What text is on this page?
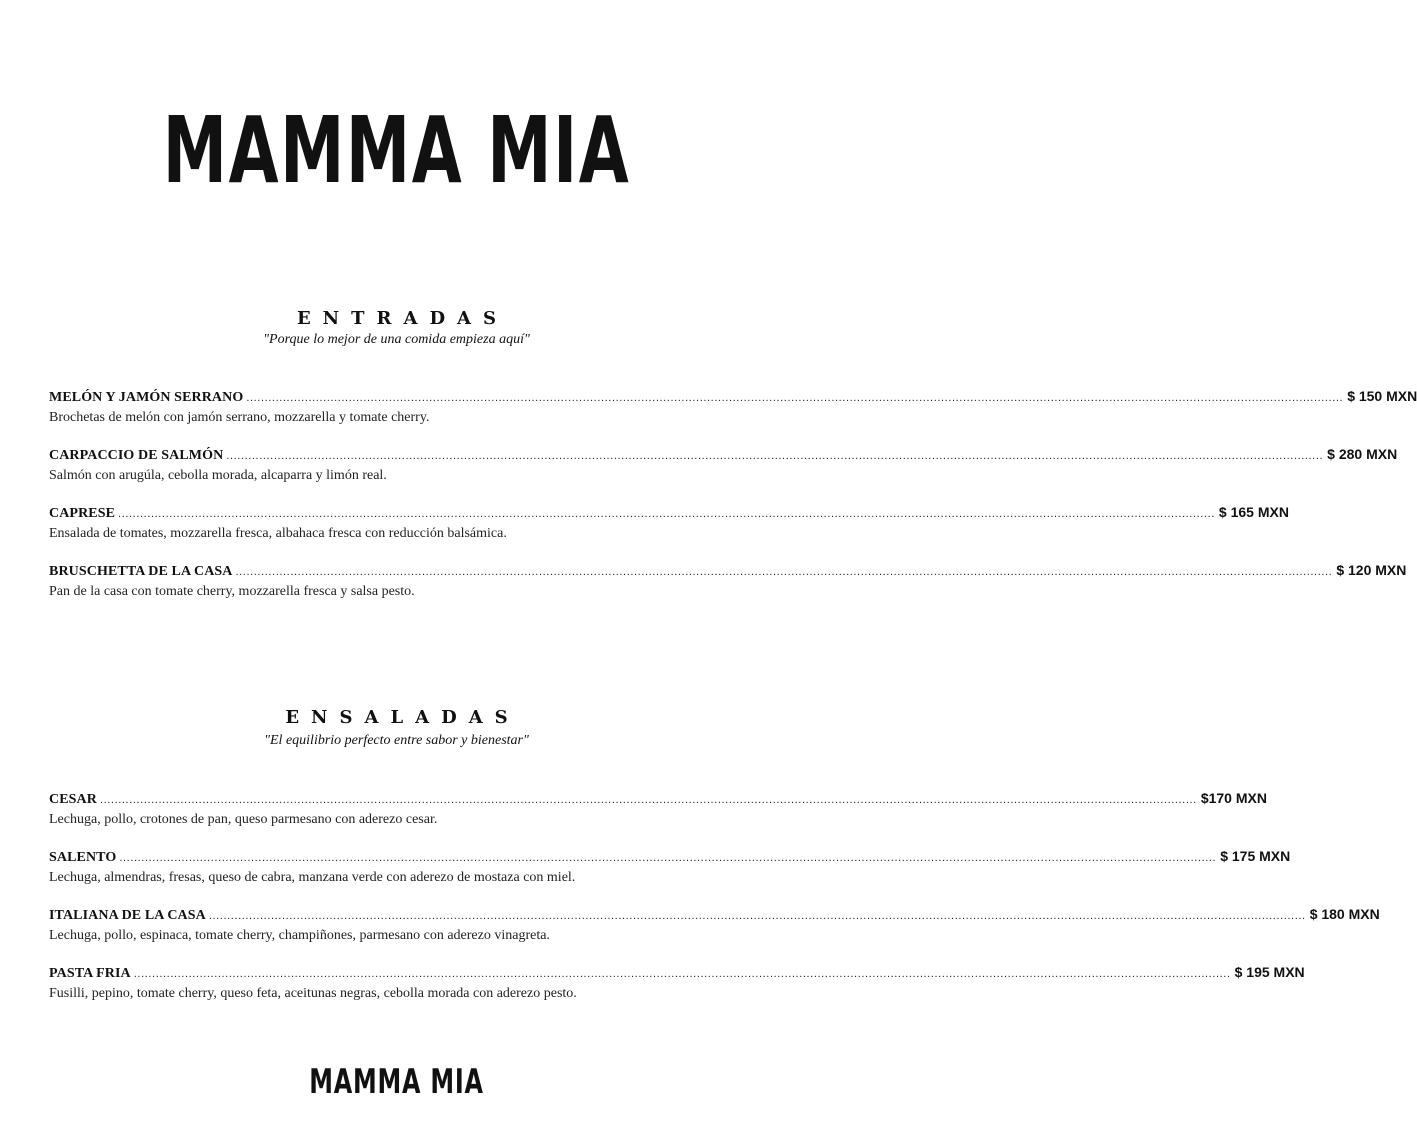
MAMMA MIA
ENTRADAS
"Porque lo mejor de una comida empieza aquí"
MELÓN Y JAMÓN SERRANO ............................................................................................................................................................................................................................................................................................................ $ 150 MXN
Brochetas de melón con jamón serrano, mozzarella y tomate cherry.
CARPACCIO DE SALMÓN ............................................................................................................................................................................................................................................................................................................ $ 280 MXN
Salmón con arugúla, cebolla morada, alcaparra y limón real.
CAPRESE ............................................................................................................................................................................................................................................................................................................ $ 165 MXN
Ensalada de tomates, mozzarella fresca, albahaca fresca con reducción balsámica.
BRUSCHETTA DE LA CASA ............................................................................................................................................................................................................................................................................................................ $ 120 MXN
Pan de la casa con tomate cherry, mozzarella fresca y salsa pesto.
ENSALADAS
"El equilibrio perfecto entre sabor y bienestar"
CESAR ............................................................................................................................................................................................................................................................................................................ $170 MXN
Lechuga, pollo, crotones de pan, queso parmesano con aderezo cesar.
SALENTO ............................................................................................................................................................................................................................................................................................................ $ 175 MXN
Lechuga, almendras, fresas, queso de cabra, manzana verde con aderezo de mostaza con miel.
ITALIANA DE LA CASA ............................................................................................................................................................................................................................................................................................................ $ 180 MXN
Lechuga, pollo, espinaca, tomate cherry, champiñones, parmesano con aderezo vinagreta.
PASTA FRIA ............................................................................................................................................................................................................................................................................................................ $ 195 MXN
Fusilli, pepino, tomate cherry, queso feta, aceitunas negras, cebolla morada con aderezo pesto.
MAMMA MIA
